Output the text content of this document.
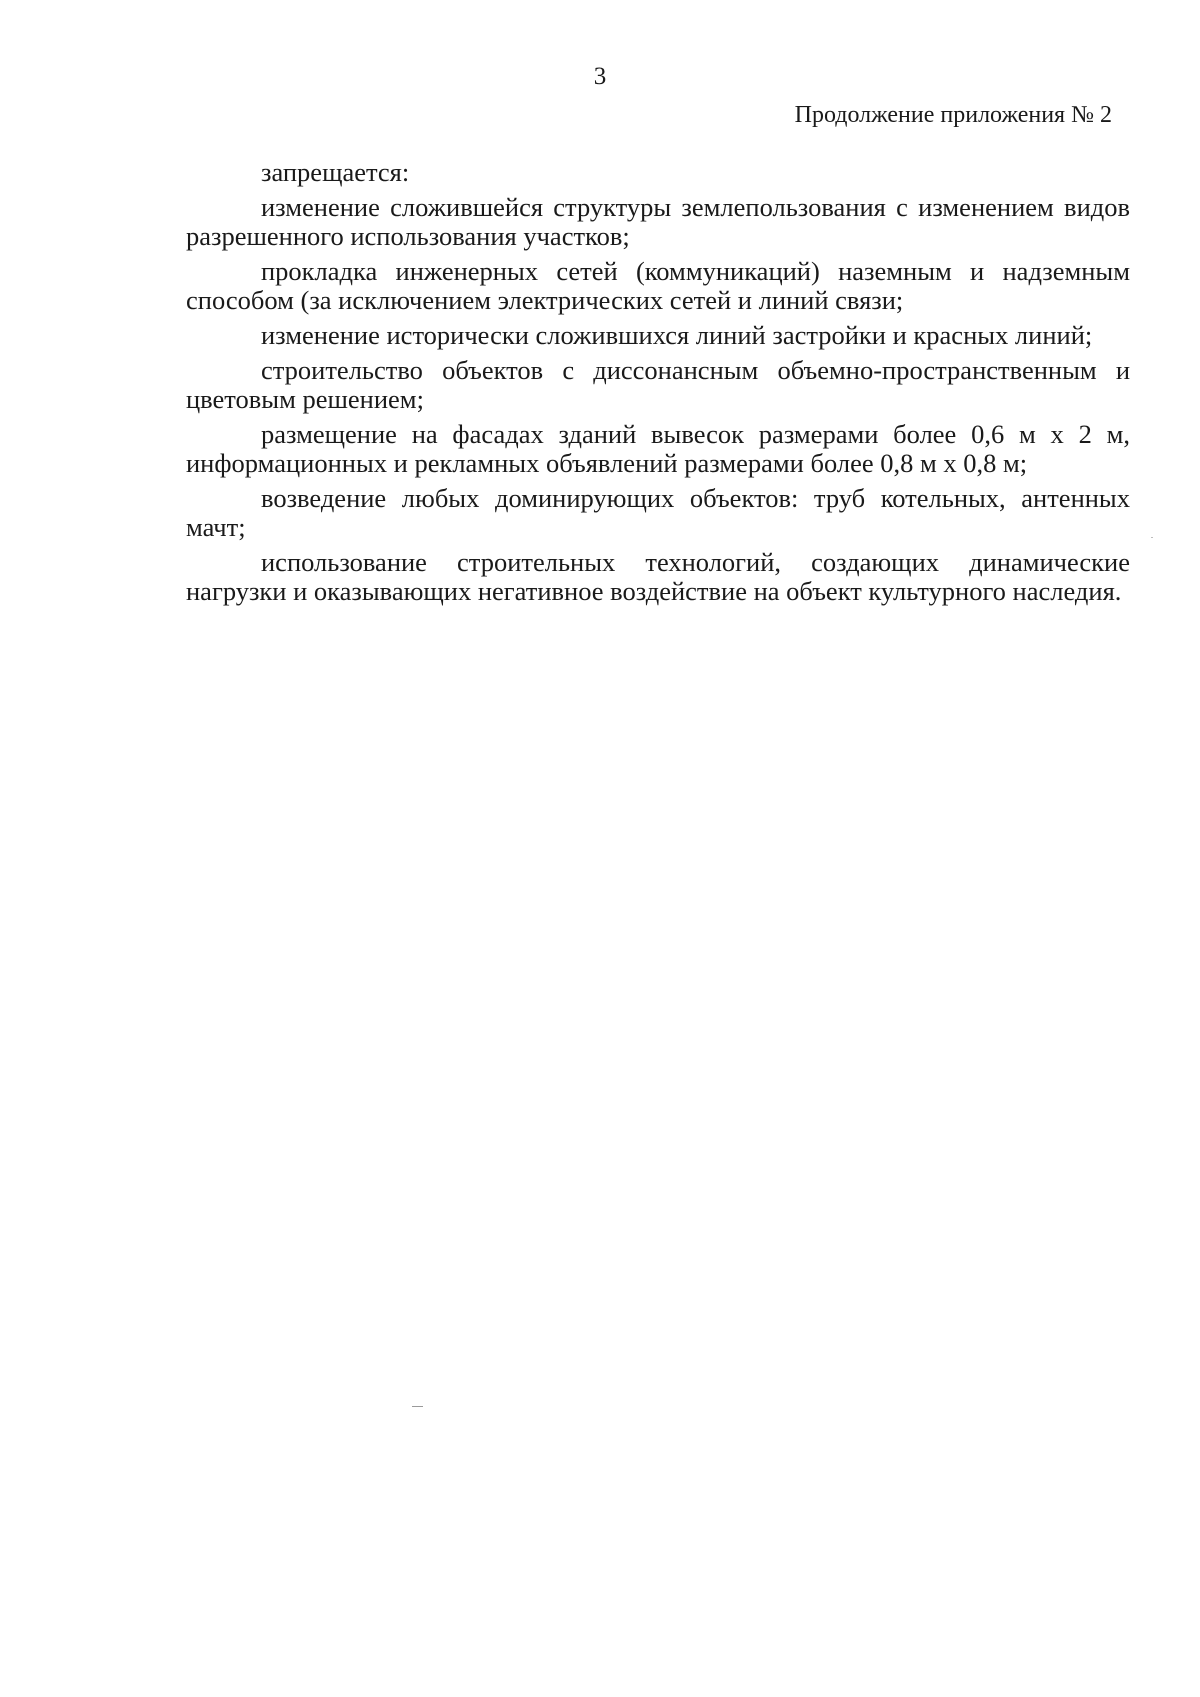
3
Продолжение приложения № 2

запрещается:

изменение сложившейся структуры землепользования с изменением видов разрешенного использования участков;

прокладка инженерных сетей (коммуникаций) наземным и надземным способом (за исключением электрических сетей и линий связи;

изменение исторически сложившихся линий застройки и красных линий;

строительство объектов с диссонансным объемно-пространственным и цветовым решением;

размещение на фасадах зданий вывесок размерами более 0,6 м х 2 м, информационных и рекламных объявлений размерами более 0,8 м х 0,8 м;

возведение любых доминирующих объектов: труб котельных, антенных мачт;

использование строительных технологий, создающих динамические нагрузки и оказывающих негативное воздействие на объект культурного наследия.
